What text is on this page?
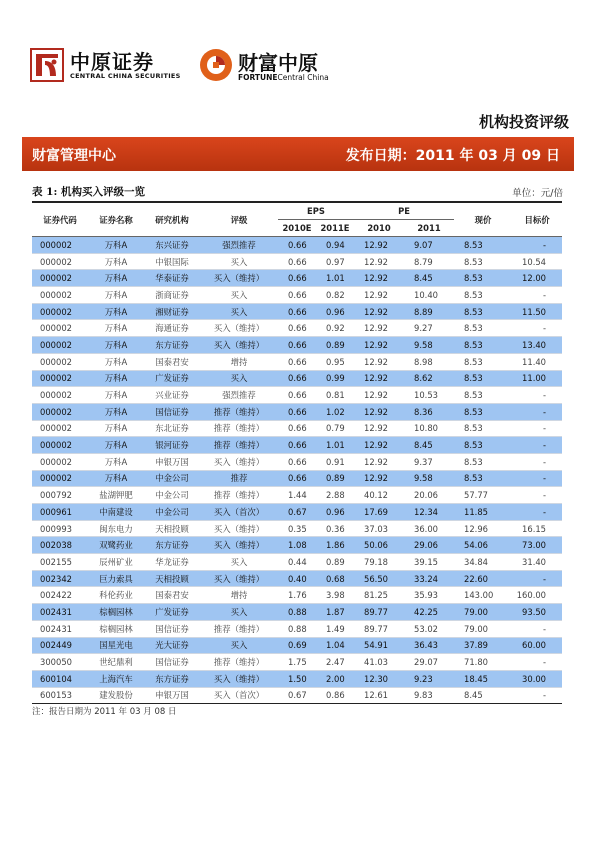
中原证券
CENTRAL CHINA SECURITIES
财富中原
FORTUNECentral China
机构投资评级
财富管理中心	发布日期：2011 年 03 月 09 日
表 1: 机构买入评级一览	单位：元/倍
证券代码	证券名称	研究机构	评级	EPS		PE		现价	目标价
				2010E	2011E	2010	2011		
000002	万科A	东兴证券	强烈推荐	0.66	0.94	12.92	9.07	8.53	-
000002	万科A	中银国际	买入	0.66	0.97	12.92	8.79	8.53	10.54
000002	万科A	华泰证券	买入（维持）	0.66	1.01	12.92	8.45	8.53	12.00
000002	万科A	浙商证券	买入	0.66	0.82	12.92	10.40	8.53	-
000002	万科A	湘财证券	买入	0.66	0.96	12.92	8.89	8.53	11.50
000002	万科A	海通证券	买入（维持）	0.66	0.92	12.92	9.27	8.53	-
000002	万科A	东方证券	买入（维持）	0.66	0.89	12.92	9.58	8.53	13.40
000002	万科A	国泰君安	增持	0.66	0.95	12.92	8.98	8.53	11.40
000002	万科A	广发证券	买入	0.66	0.99	12.92	8.62	8.53	11.00
000002	万科A	兴业证券	强烈推荐	0.66	0.81	12.92	10.53	8.53	-
000002	万科A	国信证券	推荐（维持）	0.66	1.02	12.92	8.36	8.53	-
000002	万科A	东北证券	推荐（维持）	0.66	0.79	12.92	10.80	8.53	-
000002	万科A	银河证券	推荐（维持）	0.66	1.01	12.92	8.45	8.53	-
000002	万科A	申银万国	买入（维持）	0.66	0.91	12.92	9.37	8.53	-
000002	万科A	中金公司	推荐	0.66	0.89	12.92	9.58	8.53	-
000792	盐湖钾肥	中金公司	推荐（维持）	1.44	2.88	40.12	20.06	57.77	-
000961	中南建设	中金公司	买入（首次）	0.67	0.96	17.69	12.34	11.85	-
000993	闽东电力	天相投顾	买入（维持）	0.35	0.36	37.03	36.00	12.96	16.15
002038	双鹭药业	东方证券	买入（维持）	1.08	1.86	50.06	29.06	54.06	73.00
002155	辰州矿业	华龙证券	买入	0.44	0.89	79.18	39.15	34.84	31.40
002342	巨力索具	天相投顾	买入（维持）	0.40	0.68	56.50	33.24	22.60	-
002422	科伦药业	国泰君安	增持	1.76	3.98	81.25	35.93	143.00	160.00
002431	棕榈园林	广发证券	买入	0.88	1.87	89.77	42.25	79.00	93.50
002431	棕榈园林	国信证券	推荐（维持）	0.88	1.49	89.77	53.02	79.00	-
002449	国星光电	光大证券	买入	0.69	1.04	54.91	36.43	37.89	60.00
300050	世纪鼎利	国信证券	推荐（维持）	1.75	2.47	41.03	29.07	71.80	-
600104	上海汽车	东方证券	买入（维持）	1.50	2.00	12.30	9.23	18.45	30.00
600153	建发股份	申银万国	买入（首次）	0.67	0.86	12.61	9.83	8.45	-
注：报告日期为 2011 年 03 月 08 日
